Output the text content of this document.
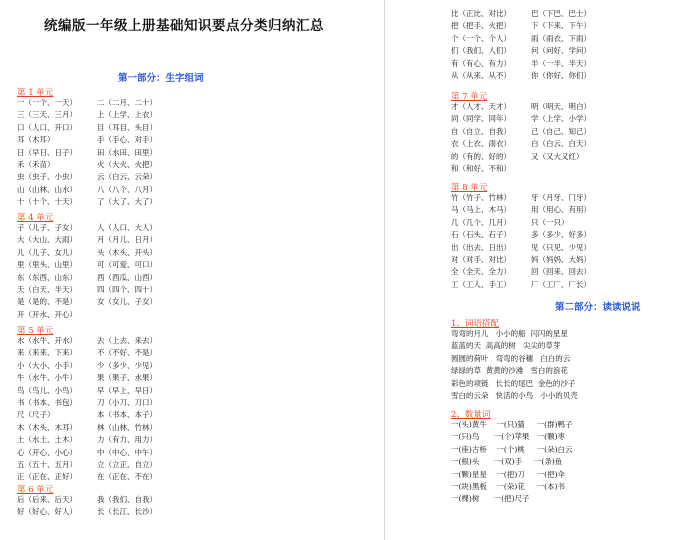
统编版一年级上册基础知识要点分类归纳汇总
第一部分：生字组词
第 1 单元
一（一个、一天）	二（二月、二十）
三（三天、三月）	上（上学、上衣）
口（人口、开口）	目（耳目、头目）
耳（木耳）	手（手心、对手）
日（早日、日子）	田（水田、田里）
禾（禾苗）	火（大火、火把）
虫（虫子、小虫）	云（白云、云朵）
山（山林、山水）	八（八个、八月）
十（十个、十天）	了（大了、大了）
第 4 单元
子（儿子、子女）	人（人口、大人）
大（大山、大雨）	月（月儿、日月）
儿（儿子、女儿）	头（木头、开头）
里（里头、山里）	可（可爱、可口）
东（东西、山东）	西（西瓜、山西）
天（白天、半天）	四（四个、四十）
是（是的、不是）	女（女儿、子女）
开（开水、开心）
第 5 单元
水（水牛、开水）	去（上去、来去）
来（来来、下来）	不（不好、不是）
小（大小、小手）	少（多少、少见）
牛（水牛、小牛）	果（果子、水果）
鸟（鸟儿、小鸟）	早（早上、早日）
书（书本、书包）	刀（小刀、刀口）
尺（尺子）	本（书本、本子）
木（木头、木耳）	林（山林、竹林）
土（水土、土木）	力（有力、用力）
心（开心、小心）	中（中心、中午）
五（五十、五月）	立（立正、自立）
正（正在、正好）	在（正在、不在）
第 6 单元
后（后来、后天）	我（我们、自我）
好（好心、好人）	长（长江、长沙）
比（正比、对比）	巴（下巴、巴士）
把（把手、火把）	下（下来、下午）
个（一个、个人）	雨（雨衣、下雨）
们（我们、人们）	问（问好、学问）
有（有心、有力）	半（一半、半天）
从（从来、从不）	你（你好、你们）
第 7 单元
才（人才、天才）	明（明天、明白）
同（同学、同年）	学（上学、小学）
自（自立、自我）	己（自己、知己）
衣（上衣、雨衣）	白（白云、白天）
的（有的、好的）	又（又大又红）
和（和好、不和）
第 8 单元
竹（竹子、竹林）	牙（月牙、门牙）
马（马上、木马）	用（用心、有用）
几（几个、几月）	只（一只）
石（石头、石子）	多（多少、好多）
出（出去、日出）	见（只见、少见）
对（对手、对比）	妈（妈妈、大妈）
全（全天、全力）	回（回来、回去）
工（工人、手工）	厂（工厂、厂长）
第二部分：读读说说
1、词语搭配
弯弯的月儿   小小的船  闪闪的星星
蓝蓝的天  高高的树   尖尖的草芽
圆圆的荷叶   弯弯的谷穗   白白的云
绿绿的草  黄黄的沙滩   雪白的浪花
彩色的项链   长长的尾巴  金色的沙子
雪白的云朵   快活的小鸟   小小的贝壳
2、数量词
一(头)黄牛    一(只)猫     一(群)鸭子
一(只)鸟      一(个)苹果   一(颗)枣
一(座)古桥    一(个)桃     一(朵)白云
一(根)头      一(双)手     一(条)鱼
一(颗)星星    一(把)刀     一(把)伞
一(块)黑板    一(朵)花     一(本)书
一(棵)树      一(把)尺子
